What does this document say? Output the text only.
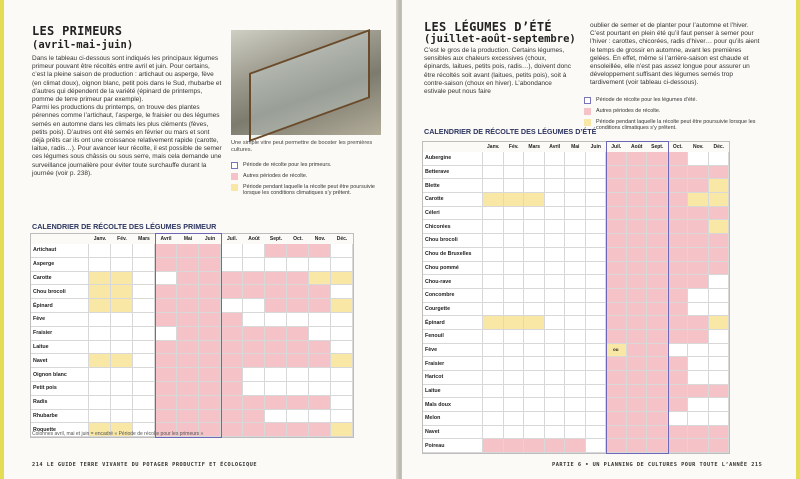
LES PRIMEURS
(avril-mai-juin)

Dans le tableau ci-dessous sont indiqués les principaux légumes primeur pouvant être récoltés entre avril et juin. Pour certains, c’est la pleine saison de production : artichaut ou asperge, fève (en climat doux), oignon blanc, petit pois dans le Sud, rhubarbe et d’autres qui dépendent de la variété (épinard de printemps, pomme de terre primeur par exemple).

Parmi les productions du printemps, on trouve des plantes pérennes comme l’artichaut, l’asperge, le fraisier ou des légumes semés en automne dans les climats les plus cléments (fèves, petits pois). D’autres ont été semés en février ou mars et sont déjà prêts car ils ont une croissance relativement rapide (carotte, laitue, radis…). Pour avancer leur récolte, il est possible de semer ces légumes sous châssis ou sous serre, mais cela demande une surveillance journalière pour éviter toute surchauffe durant la journée (voir p. 238).

Une simple vitre peut permettre de booster les premières cultures.
Période de récolte pour les primeurs.
Autres périodes de récolte.
Période pendant laquelle la récolte peut être poursuivie lorsque les conditions climatiques s’y prêtent.
CALENDRIER DE RÉCOLTE DES LÉGUMES PRIMEUR
Janv.	Fév.	Mars	Avril	Mai	Juin	Juil.	Août	Sept.	Oct.	Nov.	Déc.
Artichaut
Asperge
Carotte
Chou brocoli
Épinard
Fève
Fraisier
Laitue
Navet
Oignon blanc
Petit pois
Radis
Rhubarbe
Roquette
Colonnes avril, mai et juin = encadré « Période de récolte pour les primeurs »
214 LE GUIDE TERRE VIVANTE DU POTAGER PRODUCTIF ET ÉCOLOGIQUE
LES LÉGUMES D’ÉTÉ
(juillet-août-septembre)

C’est le gros de la production. Certains légumes, sensibles aux chaleurs excessives (choux, épinards, laitues, petits pois, radis…), doivent donc être récoltés soit avant (laitues, petits pois), soit à contre-saison (choux en hiver). L’abondance estivale peut nous faire

oublier de semer et de planter pour l’automne et l’hiver. C’est pourtant en plein été qu’il faut penser à semer pour l’hiver : carottes, chicorées, radis d’hiver… pour qu’ils aient le temps de grossir en automne, avant les premières gelées. En effet, même si l’arrière-saison est chaude et ensoleillée, elle n’est pas assez longue pour assurer un développement suffisant des légumes semés trop tardivement (voir tableau ci-dessous).

Période de récolte pour les légumes d’été.
Autres périodes de récolte.
Période pendant laquelle la récolte peut être poursuivie lorsque les conditions climatiques s’y prêtent.
CALENDRIER DE RÉCOLTE DES LÉGUMES D’ÉTÉ
Janv.	Fév.	Mars	Avril	Mai	Juin	Juil.	Août	Sept.	Oct.	Nov.	Déc.
Aubergine
Betterave
Blette
Carotte
Céleri
Chicorées
Chou brocoli
Chou de Bruxelles
Chou pommé
Chou-rave
Concombre
Courgette
Épinard
Fenouil
Fève	ou
Fraisier
Haricot
Laitue
Maïs doux
Melon
Navet
Poireau
PARTIE 6 • UN PLANNING DE CULTURES POUR TOUTE L’ANNÉE 215
